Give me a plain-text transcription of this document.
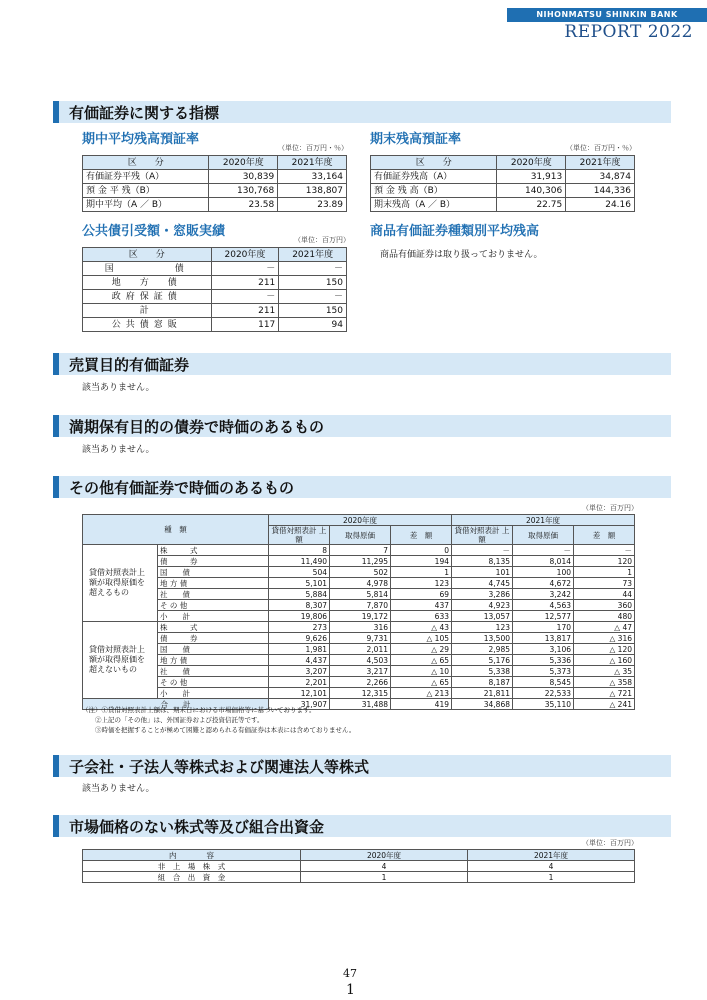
NIHONMATSU SHINKIN BANK
REPORT 2022
有価証券に関する指標
期中平均残高預証率
（単位：百万円・％）
区　　分	2020年度	2021年度
有価証券平残（A）	30,839	33,164
預 金 平 残（B）	130,768	138,807
期中平均（A ／ B）	23.58	23.89
期末残高預証率
（単位：百万円・％）
区　　分	2020年度	2021年度
有価証券残高（A）	31,913	34,874
預 金 残 高（B）	140,306	144,336
期末残高（A ／ B）	22.75	24.16
公共債引受額・窓販実績
（単位：百万円）
区　　分	2020年度	2021年度
国　　　　債	－	－
地　方　債	211	150
政府保証債	－	－
計	211	150
公共債窓販	117	94
商品有価証券種類別平均残高
商品有価証券は取り扱っておりません。
売買目的有価証券
該当ありません。
満期保有目的の債券で時価のあるもの
該当ありません。
その他有価証券で時価のあるもの
（単位：百万円）
種　類		2020年度			2021年度		
		貸借対照表計 上 額	取得原価	差　額	貸借対照表計 上 額	取得原価	差　額
貸借対照表計上額が取得原価を超えるもの	株　　　式	8	7	0	－	－	－
	債　　　券	11,490	11,295	194	8,135	8,014	120
	国　　債	504	502	1	101	100	1
	地 方 債	5,101	4,978	123	4,745	4,672	73
	社　　債	5,884	5,814	69	3,286	3,242	44
	そ の 他	8,307	7,870	437	4,923	4,563	360
	小　　計	19,806	19,172	633	13,057	12,577	480
貸借対照表計上額が取得原価を超えないもの	株　　　式	273	316	△ 43	123	170	△ 47
	債　　　券	9,626	9,731	△ 105	13,500	13,817	△ 316
	国　　債	1,981	2,011	△ 29	2,985	3,106	△ 120
	地 方 債	4,437	4,503	△ 65	5,176	5,336	△ 160
	社　　債	3,207	3,217	△ 10	5,338	5,373	△ 35
	そ の 他	2,201	2,266	△ 65	8,187	8,545	△ 358
	小　　計	12,101	12,315	△ 213	21,811	22,533	△ 721
合　　計		31,907	31,488	419	34,868	35,110	△ 241
（注）①貸借対照表計上額は、期末日における市場価格等に基づいております。
　　②上記の「その他」は、外国証券および投資信託等です。
　　③時価を把握することが極めて困難と認められる有価証券は本表には含めておりません。
子会社・子法人等株式および関連法人等株式
該当ありません。
市場価格のない株式等及び組合出資金
（単位：百万円）
内　　　　容	2020年度	2021年度
非　上　場　株　式	4	4
組　合　出　資　金	1	1
47
1
